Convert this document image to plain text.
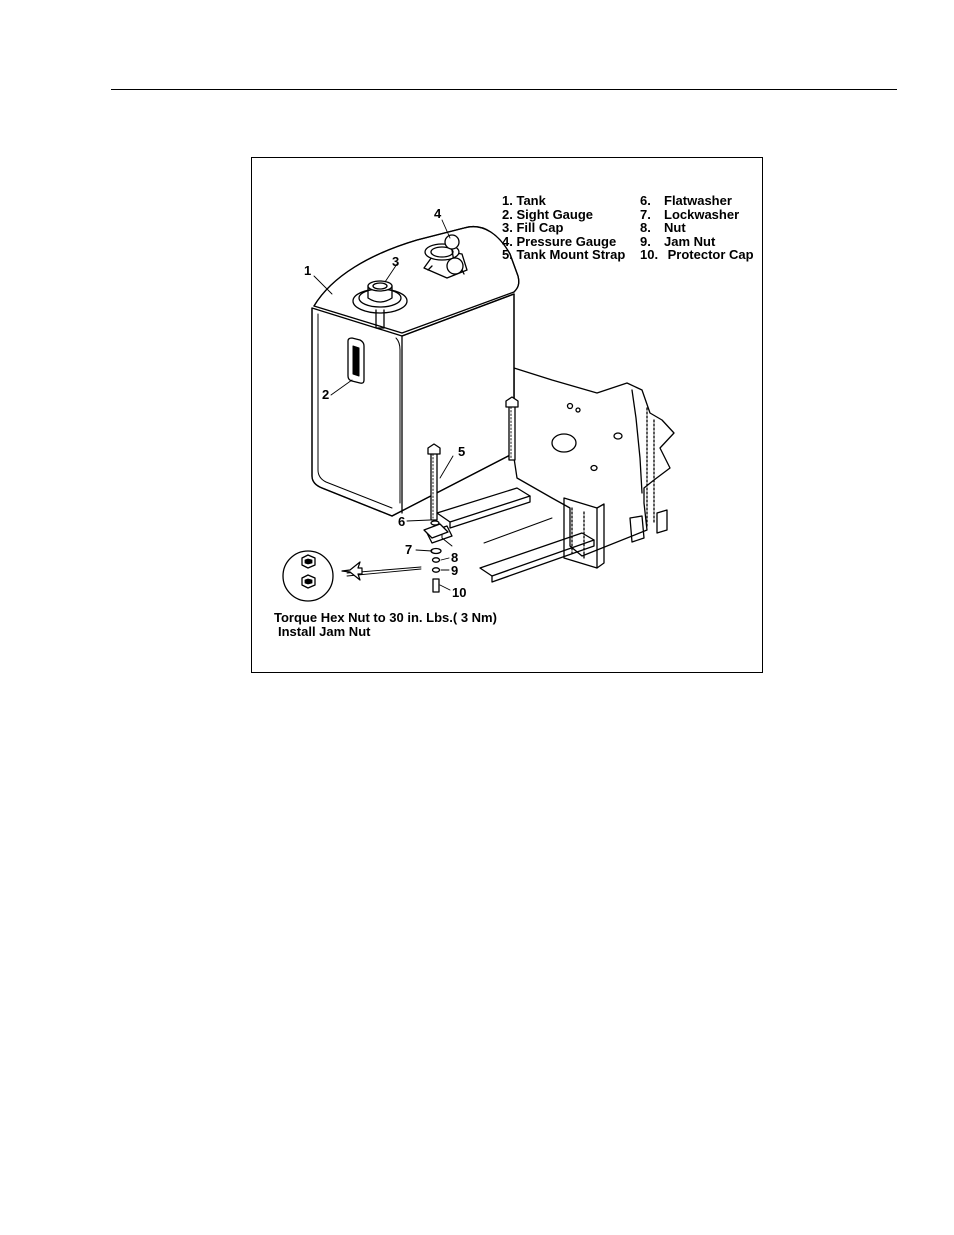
1. Tank
2. Sight Gauge
3. Fill Cap
4. Pressure Gauge
5. Tank Mount Strap
6. Flatwasher
7. Lockwasher
8. Nut
9. Jam Nut
10. Protector Cap
1
2
3
4
5
6
7
8
9
10
Torque Hex Nut to 30 in. Lbs.( 3 Nm)
Install Jam Nut
